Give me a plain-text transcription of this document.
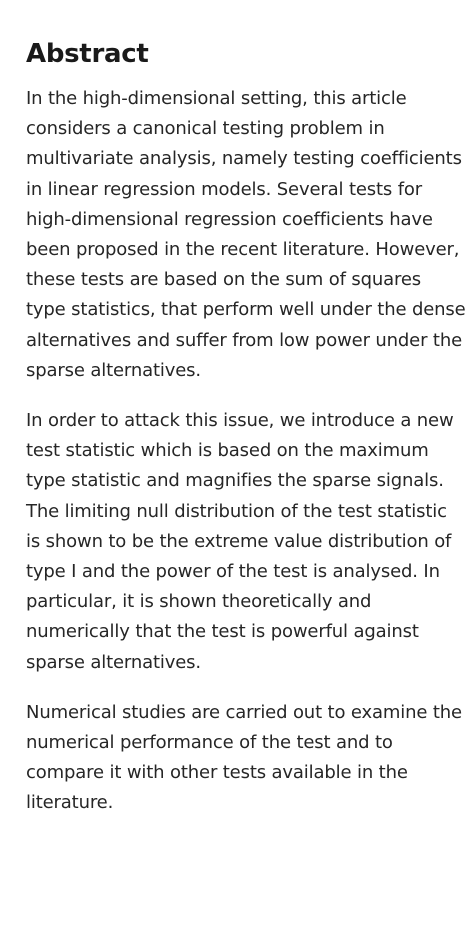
Abstract

In the high-dimensional setting, this article considers a canonical testing problem in multivariate analysis, namely testing coefficients in linear regression models. Several tests for high-dimensional regression coefficients have been proposed in the recent literature. However, these tests are based on the sum of squares type statistics, that perform well under the dense alternatives and suffer from low power under the sparse alternatives.

In order to attack this issue, we introduce a new test statistic which is based on the maximum type statistic and magnifies the sparse signals. The limiting null distribution of the test statistic is shown to be the extreme value distribution of type I and the power of the test is analysed. In particular, it is shown theoretically and numerically that the test is powerful against sparse alternatives.

Numerical studies are carried out to examine the numerical performance of the test and to compare it with other tests available in the literature.
